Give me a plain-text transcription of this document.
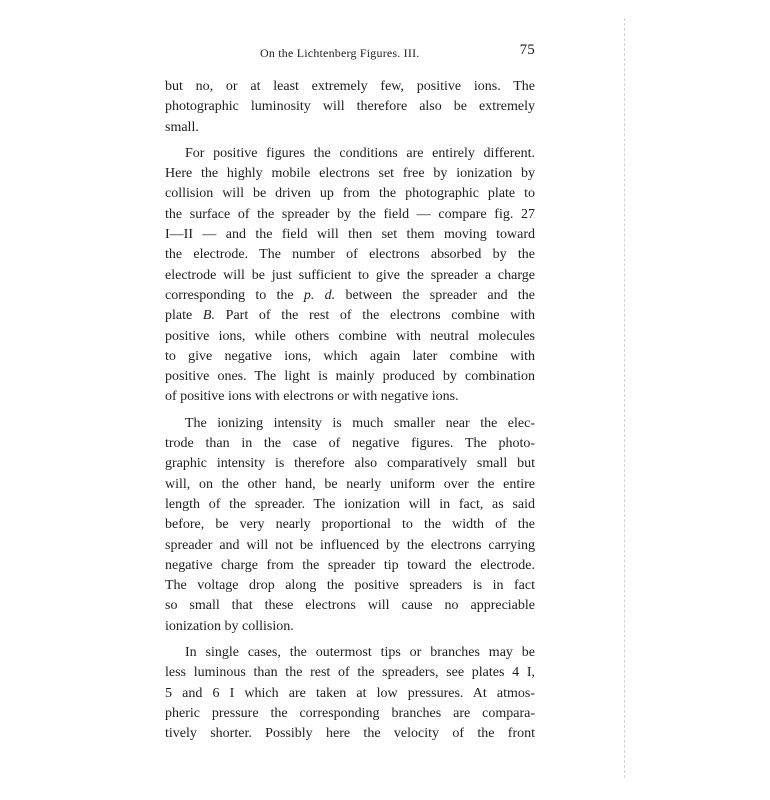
On the Lichtenberg Figures. III.	75
but no, or at least extremely few, positive ions. The
photographic luminosity will therefore also be extremely
small.
For positive figures the conditions are entirely different.
Here the highly mobile electrons set free by ionization by
collision will be driven up from the photographic plate to
the surface of the spreader by the field — compare fig. 27
I—II — and the field will then set them moving toward
the electrode. The number of electrons absorbed by the
electrode will be just sufficient to give the spreader a charge
corresponding to the p. d. between the spreader and the
plate B. Part of the rest of the electrons combine with
positive ions, while others combine with neutral molecules
to give negative ions, which again later combine with
positive ones. The light is mainly produced by combination
of positive ions with electrons or with negative ions.
The ionizing intensity is much smaller near the elec-
trode than in the case of negative figures. The photo-
graphic intensity is therefore also comparatively small but
will, on the other hand, be nearly uniform over the entire
length of the spreader. The ionization will in fact, as said
before, be very nearly proportional to the width of the
spreader and will not be influenced by the electrons carrying
negative charge from the spreader tip toward the electrode.
The voltage drop along the positive spreaders is in fact
so small that these electrons will cause no appreciable
ionization by collision.
In single cases, the outermost tips or branches may be
less luminous than the rest of the spreaders, see plates 4 I,
5 and 6 I which are taken at low pressures. At atmos-
pheric pressure the corresponding branches are compara-
tively shorter. Possibly here the velocity of the front
